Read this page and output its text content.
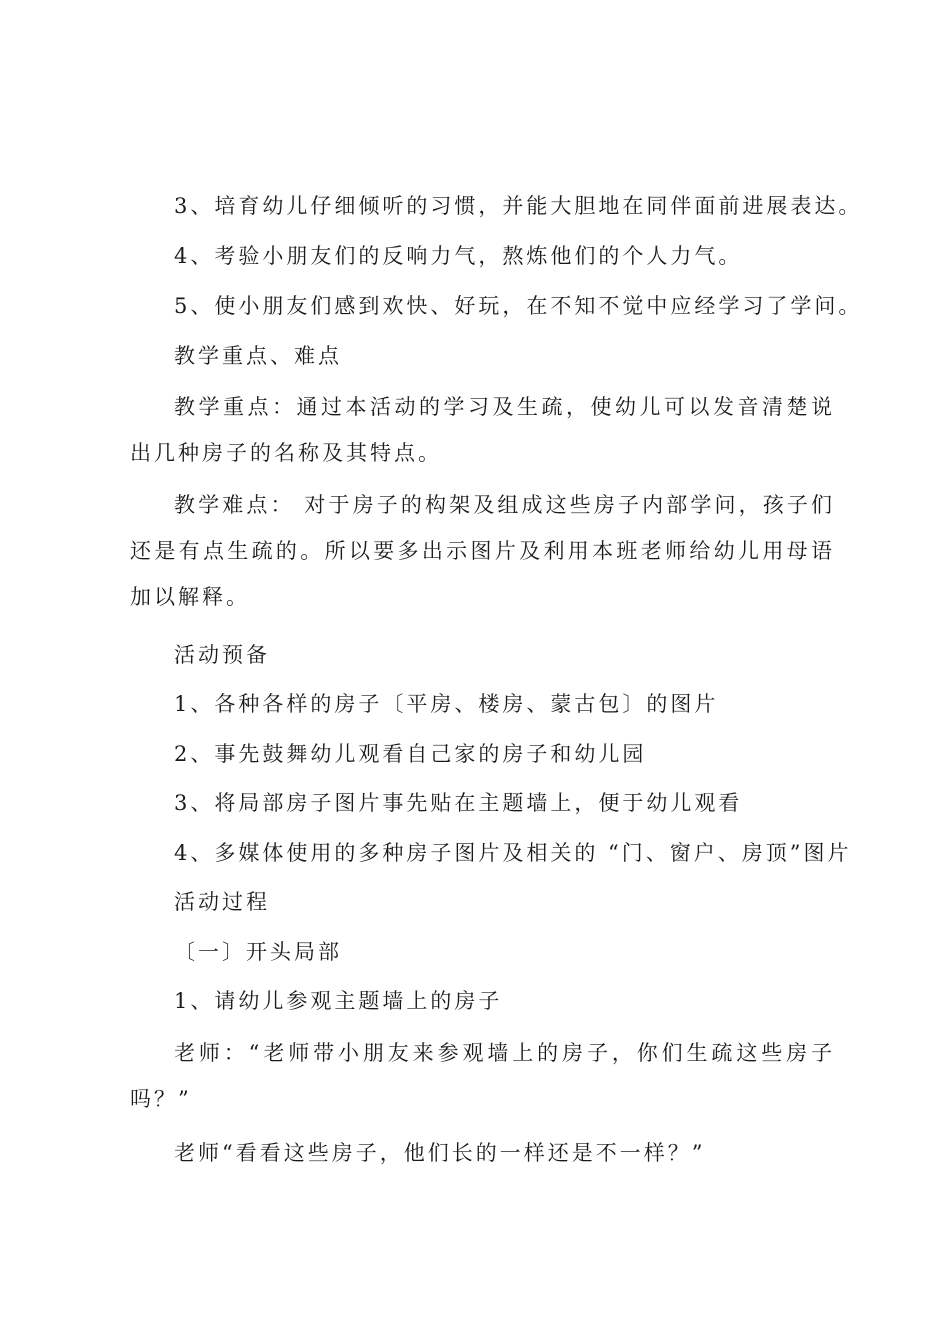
3、培育幼儿仔细倾听的习惯，并能大胆地在同伴面前进展表达。
4、考验小朋友们的反响力气，熬炼他们的个人力气。
5、使小朋友们感到欢快、好玩，在不知不觉中应经学习了学问。
教学重点、难点
教学重点：通过本活动的学习及生疏，使幼儿可以发音清楚说出几种房子的名称及其特点。
教学难点： 对于房子的构架及组成这些房子内部学问，孩子们还是有点生疏的。所以要多出示图片及利用本班老师给幼儿用母语加以解释。
活动预备
1、各种各样的房子〔平房、楼房、蒙古包〕的图片
2、事先鼓舞幼儿观看自己家的房子和幼儿园
3、将局部房子图片事先贴在主题墙上，便于幼儿观看
4、多媒体使用的多种房子图片及相关的 “门、窗户、房顶”图片
活动过程
〔一〕开头局部
1、请幼儿参观主题墙上的房子
老师：“老师带小朋友来参观墙上的房子，你们生疏这些房子吗？”
老师“看看这些房子，他们长的一样还是不一样？”
